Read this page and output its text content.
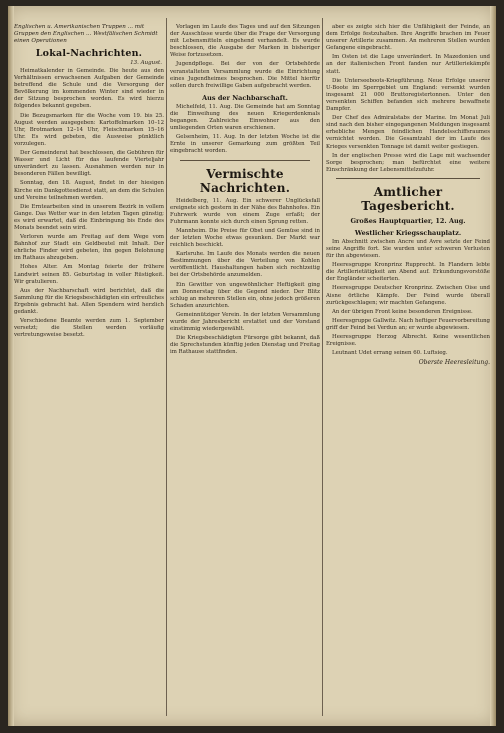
Englischen u. Amerikanischen Truppen ... mit Gruppen den Englischen ... Westfälischen Schmidt einen Operationen
Lokal-Nachrichten.
13. August.

Heimatkalender in Gemeinde. Die heute aus den Verhältnissen erwachsenen Aufgaben der Gemeinde betreffend die Schule und die Versorgung der Bevölkerung im kommenden Winter sind wieder in der Sitzung besprochen worden. Es wird hierzu folgendes bekannt gegeben.

Die Bezugsmarken für die Woche vom 19. bis 25. August werden ausgegeben: Kartoffelmarken 10–12 Uhr, Brotmarken 12–14 Uhr, Fleischmarken 15–16 Uhr. Es wird gebeten, die Ausweise pünktlich vorzulegen.

Der Gemeinderat hat beschlossen, die Gebühren für Wasser und Licht für das laufende Vierteljahr unverändert zu lassen. Ausnahmen werden nur in besonderen Fällen bewilligt.

Sonntag, den 18. August, findet in der hiesigen Kirche ein Dankgottesdienst statt, an dem die Schulen und Vereine teilnehmen werden.

Die Erntearbeiten sind in unserem Bezirk in vollem Gange. Das Wetter war in den letzten Tagen günstig; es wird erwartet, daß die Einbringung bis Ende des Monats beendet sein wird.

Verloren wurde am Freitag auf dem Wege vom Bahnhof zur Stadt ein Geldbeutel mit Inhalt. Der ehrliche Finder wird gebeten, ihn gegen Belohnung im Rathaus abzugeben.

Hohes Alter. Am Montag feierte der frühere Landwirt seinen 85. Geburtstag in voller Rüstigkeit. Wir gratulieren.

Aus der Nachbarschaft wird berichtet, daß die Sammlung für die Kriegsbeschädigten ein erfreuliches Ergebnis gebracht hat. Allen Spendern wird herzlich gedankt.

Verschiedene Beamte werden zum 1. September versetzt; die Stellen werden vorläufig vertretungsweise besetzt.

Vorlagen im Laufe des Tages und auf den Sitzungen der Ausschüsse wurde über die Frage der Versorgung mit Lebensmitteln eingehend verhandelt. Es wurde beschlossen, die Ausgabe der Marken in bisheriger Weise fortzusetzen.

Jugendpflege. Bei der von der Ortsbehörde veranstalteten Versammlung wurde die Einrichtung eines Jugendheimes besprochen. Die Mittel hierfür sollen durch freiwillige Gaben aufgebracht werden.

Aus der Nachbarschaft.

Michelfeld, 11. Aug. Die Gemeinde hat am Sonntag die Einweihung des neuen Kriegerdenkmals begangen. Zahlreiche Einwohner aus den umliegenden Orten waren erschienen.

Gelsenheim, 11. Aug. In der letzten Woche ist die Ernte in unserer Gemarkung zum größten Teil eingebracht worden.

Vermischte Nachrichten.

Heidelberg, 11. Aug. Ein schwerer Unglücksfall ereignete sich gestern in der Nähe des Bahnhofes. Ein Fuhrwerk wurde von einem Zuge erfaßt; der Fuhrmann konnte sich durch einen Sprung retten.

Mannheim. Die Preise für Obst und Gemüse sind in der letzten Woche etwas gesunken. Der Markt war reichlich beschickt.

Karlsruhe. Im Laufe des Monats werden die neuen Bestimmungen über die Verteilung von Kohlen veröffentlicht. Haushaltungen haben sich rechtzeitig bei der Ortsbehörde anzumelden.

Ein Gewitter von ungewöhnlicher Heftigkeit ging am Donnerstag über die Gegend nieder. Der Blitz schlug an mehreren Stellen ein, ohne jedoch größeren Schaden anzurichten.

Gemeinnütziger Verein. In der letzten Versammlung wurde der Jahresbericht erstattet und der Vorstand einstimmig wiedergewählt.

Die Kriegsbeschädigten Fürsorge gibt bekannt, daß die Sprechstunden künftig jeden Dienstag und Freitag im Rathause stattfinden.

aber es zeigte sich hier die Unfähigkeit der Feinde, an dem Erfolge festzuhalten. Ihre Angriffe brachen im Feuer unserer Artillerie zusammen. An mehreren Stellen wurden Gefangene eingebracht.

Im Osten ist die Lage unverändert. In Mazedonien und an der italienischen Front fanden nur Artilleriekämpfe statt.

Die Unterseeboots-Kriegführung. Neue Erfolge unserer U-Boote im Sperrgebiet um England: versenkt wurden insgesamt 21 000 Bruttoregistertonnen. Unter den versenkten Schiffen befanden sich mehrere bewaffnete Dampfer.

Der Chef des Admiralstabs der Marine. Im Monat Juli sind nach den bisher eingegangenen Meldungen insgesamt erhebliche Mengen feindlichen Handelsschiffsraumes vernichtet worden. Die Gesamtzahl der im Laufe des Krieges versenkten Tonnage ist damit weiter gestiegen.

In der englischen Presse wird die Lage mit wachsender Sorge besprochen; man befürchtet eine weitere Einschränkung der Lebensmittelzufuhr.

Amtlicher Tagesbericht.
Großes Hauptquartier, 12. Aug.
Westlicher Kriegsschauplatz.

Im Abschnitt zwischen Ancre und Avre setzte der Feind seine Angriffe fort. Sie wurden unter schweren Verlusten für ihn abgewiesen.

Heeresgruppe Kronprinz Rupprecht. In Flandern lebte die Artillerietätigkeit am Abend auf. Erkundungsvorstöße der Engländer scheiterten.

Heeresgruppe Deutscher Kronprinz. Zwischen Oise und Aisne örtliche Kämpfe. Der Feind wurde überall zurückgeschlagen; wir machten Gefangene.

An der übrigen Front keine besonderen Ereignisse.

Heeresgruppe Gallwitz. Nach heftiger Feuervorbereitung griff der Feind bei Verdun an; er wurde abgewiesen.

Heeresgruppe Herzog Albrecht. Keine wesentlichen Ereignisse.

Leutnant Udet errang seinen 60. Luftsieg.

Oberste Heeresleitung.
